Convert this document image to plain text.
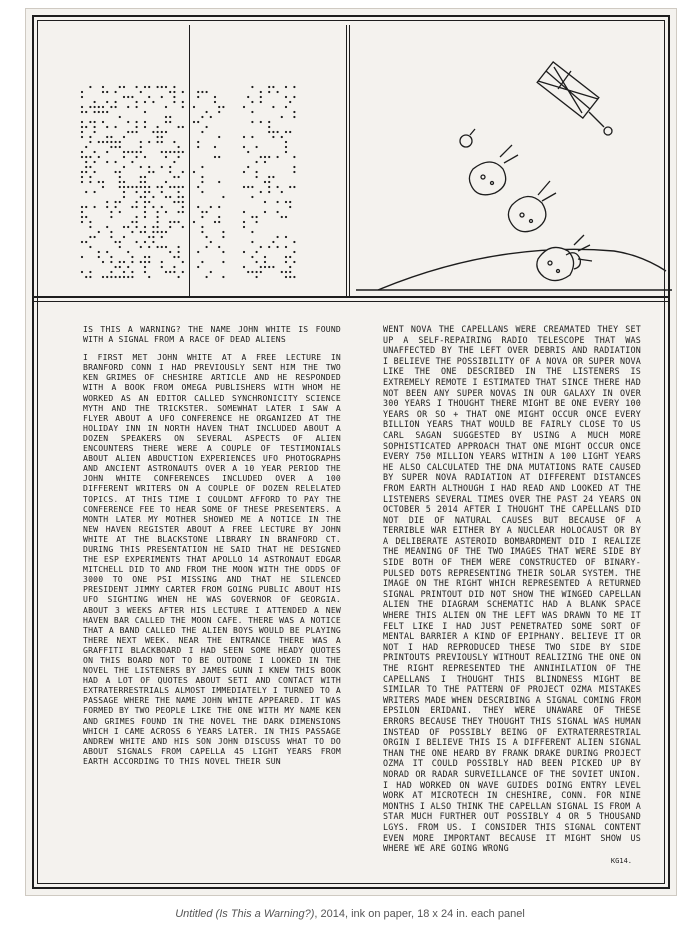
IS THIS A WARNING? THE NAME JOHN WHITE IS FOUND WITH A SIGNAL FROM A RACE OF DEAD ALIENS

I FIRST MET JOHN WHITE AT A FREE LECTURE IN BRANFORD CONN I HAD PREVIOUSLY SENT HIM THE TWO KEN GRIMES OF CHESHIRE ARTICLE AND HE RESPONDED WITH A BOOK FROM OMEGA PUBLISHERS WITH WHOM HE WORKED AS AN EDITOR CALLED SYNCHRONICITY SCIENCE MYTH AND THE TRICKSTER. SOMEWHAT LATER I SAW A FLYER ABOUT A UFO CONFERENCE HE ORGANIZED AT THE HOLIDAY INN IN NORTH HAVEN THAT INCLUDED ABOUT A DOZEN SPEAKERS ON SEVERAL ASPECTS OF ALIEN ENCOUNTERS THERE WERE A COUPLE OF TESTIMONIALS ABOUT ALIEN ABDUCTION EXPERIENCES UFO PHOTOGRAPHS AND ANCIENT ASTRONAUTS OVER A 10 YEAR PERIOD THE JOHN WHITE CONFERENCES INCLUDED OVER A 100 DIFFERENT WRITERS ON A COUPLE OF DOZEN RELELATED TOPICS. AT THIS TIME I COULDNT AFFORD TO PAY THE CONFERENCE FEE TO HEAR SOME OF THESE PRESENTERS. A MONTH LATER MY MOTHER SHOWED ME A NOTICE IN THE NEW HAVEN REGISTER ABOUT A FREE LECTURE BY JOHN WHITE AT THE BLACKSTONE LIBRARY IN BRANFORD CT. DURING THIS PRESENTATION HE SAID THAT HE DESIGNED THE ESP EXPERIMENTS THAT APOLLO 14 ASTRONAUT EDGAR MITCHELL DID TO AND FROM THE MOON WITH THE ODDS OF 3000 TO ONE PSI MISSING AND THAT HE SILENCED PRESIDENT JIMMY CARTER FROM GOING PUBLIC ABOUT HIS UFO SIGHTING WHEN HE WAS GOVERNOR OF GEORGIA. ABOUT 3 WEEKS AFTER HIS LECTURE I ATTENDED A NEW HAVEN BAR CALLED THE MOON CAFE. THERE WAS A NOTICE THAT A BAND CALLED THE ALIEN BOYS WOULD BE PLAYING THERE NEXT WEEK. NEAR THE ENTRANCE THERE WAS A GRAFFITI BLACKBOARD I HAD SEEN SOME HEADY QUOTES ON THIS BOARD NOT TO BE OUTDONE I LOOKED IN THE NOVEL THE LISTENERS BY JAMES GUNN I KNEW THIS BOOK HAD A LOT OF QUOTES ABOUT SETI AND CONTACT WITH EXTRATERRESTRIALS ALMOST IMMEDIATELY I TURNED TO A PASSAGE WHERE THE NAME JOHN WHITE APPEARED. IT WAS FORMED BY TWO PEOPLE LIKE THE ONE WITH MY NAME KEN AND GRIMES FOUND IN THE NOVEL THE DARK DIMENSIONS WHICH I CAME ACROSS 6 YEARS LATER. IN THIS PASSAGE ANDREW WHITE AND HIS SON JOHN DISCUSS WHAT TO DO ABOUT SIGNALS FROM CAPELLA 45 LIGHT YEARS FROM EARTH ACCORDING TO THIS NOVEL THEIR SUN

WENT NOVA THE CAPELLANS WERE CREAMATED THEY SET UP A SELF-REPAIRING RADIO TELESCOPE THAT WAS UNAFFECTED BY THE LEFT OVER DEBRIS AND RADIATION I BELIEVE THE POSSIBILITY OF A NOVA OR SUPER NOVA LIKE THE ONE DESCRIBED IN THE LISTENERS IS EXTREMELY REMOTE I ESTIMATED THAT SINCE THERE HAD NOT BEEN ANY SUPER NOVAS IN OUR GALAXY IN OVER 300 YEARS I THOUGHT THERE MIGHT BE ONE EVERY 100 YEARS OR SO + THAT ONE MIGHT OCCUR ONCE EVERY BILLION YEARS THAT WOULD BE FAIRLY CLOSE TO US CARL SAGAN SUGGESTED BY USING A MUCH MORE SOPHISTICATED APPROACH THAT ONE MIGHT OCCUR ONCE EVERY 750 MILLION YEARS WITHIN A 100 LIGHT YEARS HE ALSO CALCULATED THE DNA MUTATIONS RATE CAUSED BY SUPER NOVA RADIATION AT DIFFERENT DISTANCES FROM EARTH ALTHOUGH I HAD READ AND LOOKED AT THE LISTENERS SEVERAL TIMES OVER THE PAST 24 YEARS ON OCTOBER 5 2014 AFTER I THOUGHT THE CAPELLANS DID NOT DIE OF NATURAL CAUSES BUT BECAUSE OF A TERRIBLE WAR EITHER BY A NUCLEAR HOLOCAUST OR BY A DELIBERATE ASTEROID BOMBARDMENT DID I REALIZE THE MEANING OF THE TWO IMAGES THAT WERE SIDE BY SIDE BOTH OF THEM WERE CONSTRUCTED OF BINARY-PULSED DOTS REPRESENTING THEIR SOLAR SYSTEM. THE IMAGE ON THE RIGHT WHICH REPRESENTED A RETURNED SIGNAL PRINTOUT DID NOT SHOW THE WINGED CAPELLAN ALIEN THE DIAGRAM SCHEMATIC HAD A BLANK SPACE WHERE THIS ALIEN ON THE LEFT WAS DRAWN TO ME IT FELT LIKE I HAD JUST PENETRATED SOME SORT OF MENTAL BARRIER A KIND OF EPIPHANY. BELIEVE IT OR NOT I HAD REPRODUCED THESE TWO SIDE BY SIDE PRINTOUTS PREVIOUSLY WITHOUT REALIZING THE ONE ON THE RIGHT REPRESENTED THE ANNIHILATION OF THE CAPELLANS I THOUGHT THIS BLINDNESS MIGHT BE SIMILAR TO THE PATTERN OF PROJECT OZMA MISTAKES WRITERS MADE WHEN DESCRIBING A SIGNAL COMING FROM EPSILON ERIDANI. THEY WERE UNAWARE OF THESE ERRORS BECAUSE THEY THOUGHT THIS SIGNAL WAS HUMAN INSTEAD OF POSSIBLY BEING OF EXTRATERRESTRIAL ORGIN I BELIEVE THIS IS A DIFFERENT ALIEN SIGNAL THAN THE ONE HEARD BY FRANK DRAKE DURING PROJECT OZMA IT COULD POSSIBLY HAD BEEN PICKED UP BY NORAD OR RADAR SURVEILLANCE OF THE SOVIET UNION. I HAD WORKED ON WAVE GUIDES DOING ENTRY LEVEL WORK AT MICROTECH IN CHESHIRE, CONN. FOR NINE MONTHS I ALSO THINK THE CAPELLAN SIGNAL IS FROM A STAR MUCH FURTHER OUT POSSIBLY 4 OR 5 THOUSAND LGYS. FROM US. I CONSIDER THIS SIGNAL CONTENT EVEN MORE IMPORTANT BECAUSE IT MIGHT SHOW US WHERE WE ARE GOING WRONG

KG14.
Untitled (Is This a Warning?), 2014, ink on paper, 18 x 24 in. each panel
